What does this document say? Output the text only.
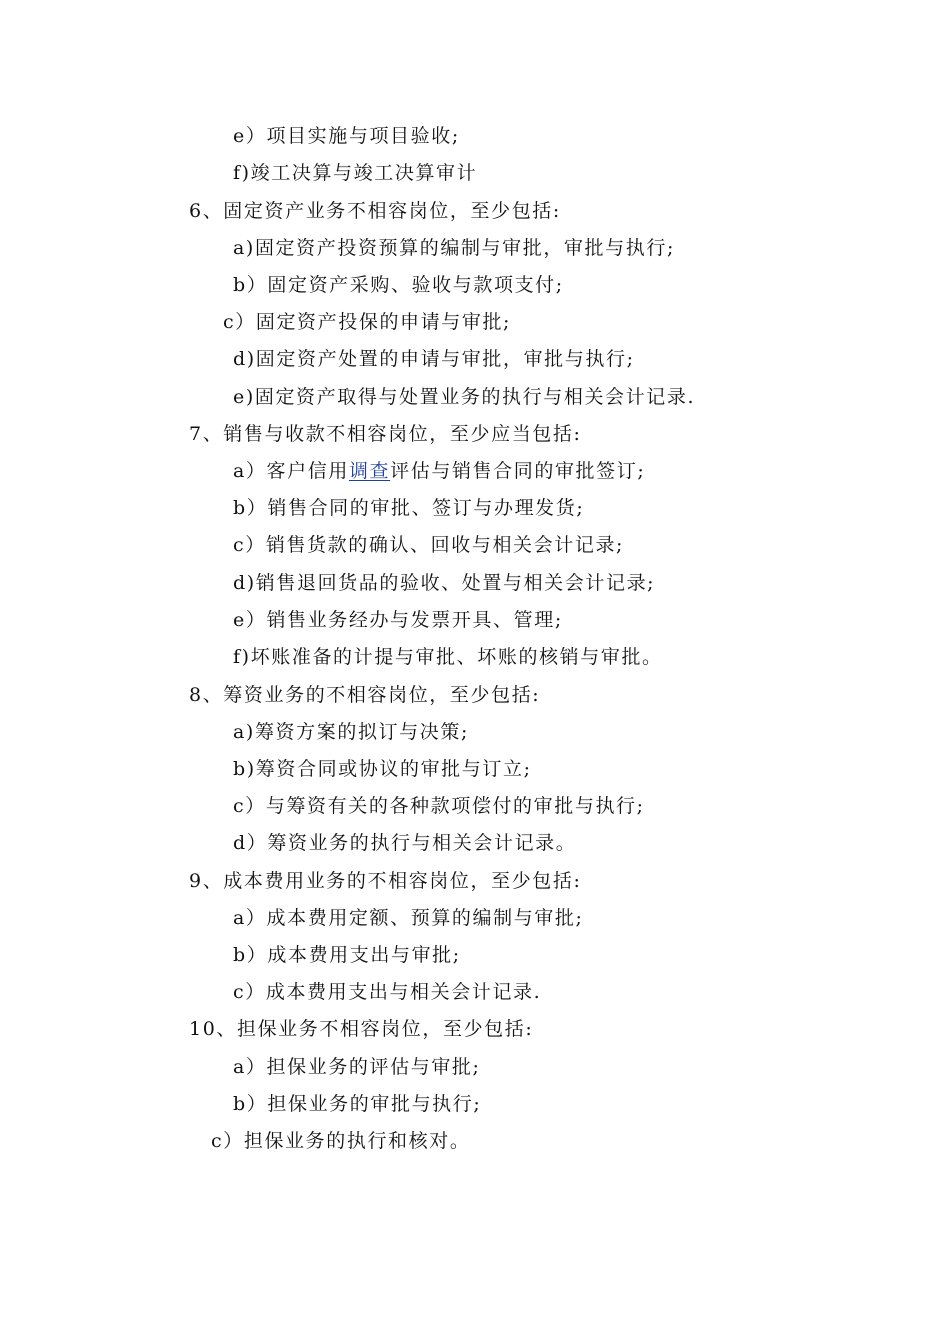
e）项目实施与项目验收;
f)竣工决算与竣工决算审计
6、固定资产业务不相容岗位，至少包括:
a)固定资产投资预算的编制与审批，审批与执行;
b）固定资产采购、验收与款项支付;
c）固定资产投保的申请与审批;
d)固定资产处置的申请与审批，审批与执行;
e)固定资产取得与处置业务的执行与相关会计记录.
7、销售与收款不相容岗位，至少应当包括:
a）客户信用调查评估与销售合同的审批签订;
b）销售合同的审批、签订与办理发货;
c）销售货款的确认、回收与相关会计记录;
d)销售退回货品的验收、处置与相关会计记录;
e）销售业务经办与发票开具、管理;
f)坏账准备的计提与审批、坏账的核销与审批。
8、筹资业务的不相容岗位，至少包括:
a)筹资方案的拟订与决策;
b)筹资合同或协议的审批与订立;
c）与筹资有关的各种款项偿付的审批与执行;
d）筹资业务的执行与相关会计记录。
9、成本费用业务的不相容岗位，至少包括:
a）成本费用定额、预算的编制与审批;
b）成本费用支出与审批;
c）成本费用支出与相关会计记录.
10、担保业务不相容岗位，至少包括:
a）担保业务的评估与审批;
b）担保业务的审批与执行;
c）担保业务的执行和核对。
